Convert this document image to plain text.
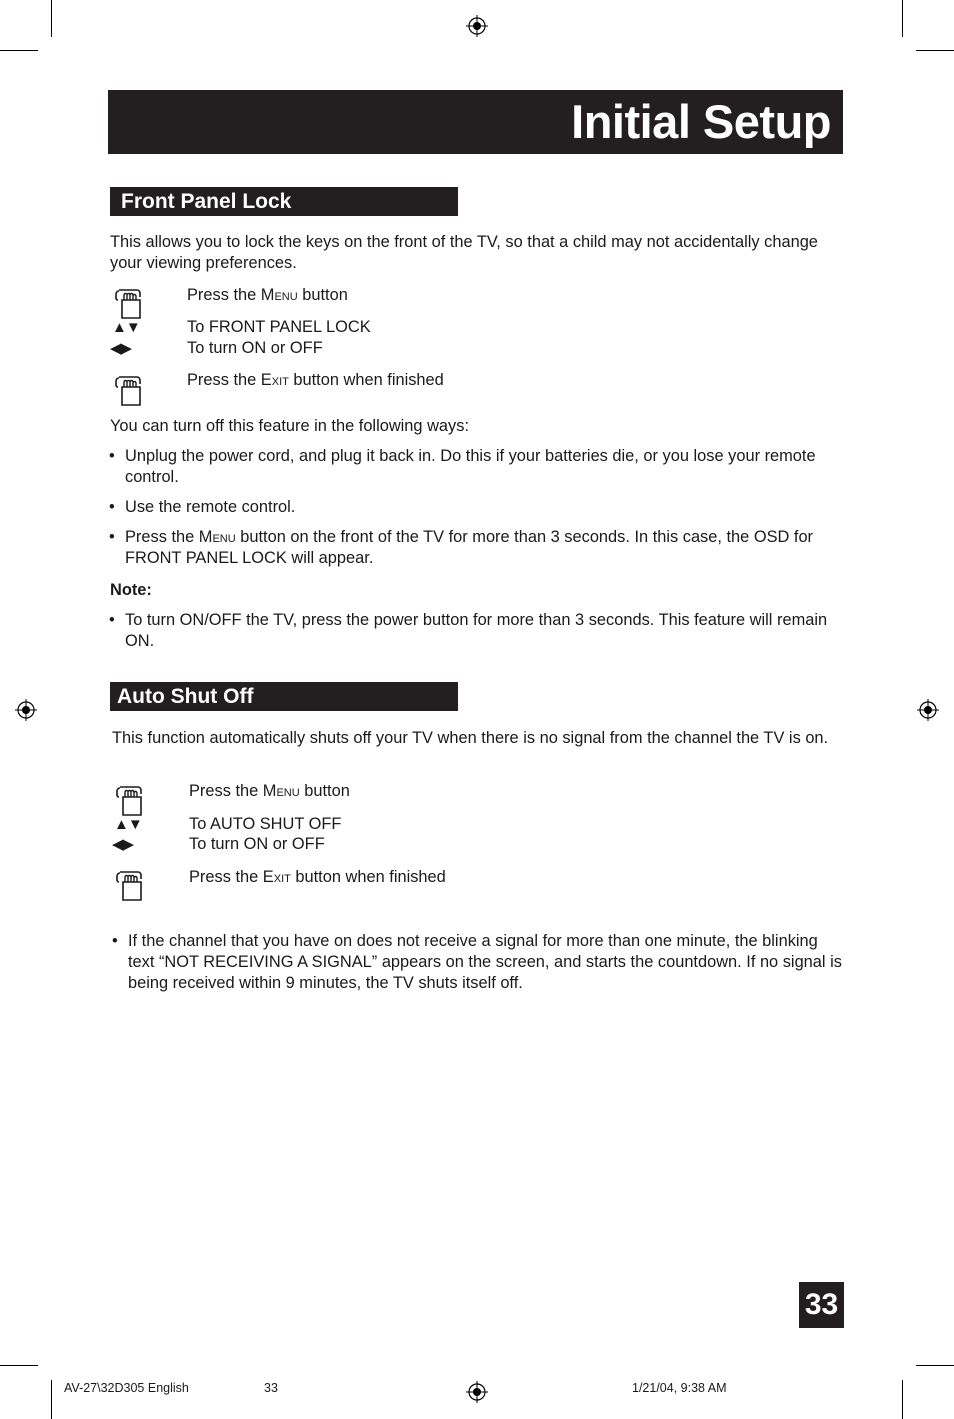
Initial Setup
Front Panel Lock
This allows you to lock the keys on the front of the TV, so that a child may not accidentally change your viewing preferences.
Press the Menu button
▲▼	To FRONT PANEL LOCK
◀▶	To turn ON or OFF
Press the Exit button when finished
You can turn off this feature in the following ways:
• Unplug the power cord, and plug it back in. Do this if your batteries die, or you lose your remote control.
• Use the remote control.
• Press the Menu button on the front of the TV for more than 3 seconds. In this case, the OSD for FRONT PANEL LOCK will appear.
Note:
• To turn ON/OFF the TV, press the power button for more than 3 seconds. This feature will remain ON.
Auto Shut Off
This function automatically shuts off your TV when there is no signal from the channel the TV is on.
Press the Menu button
▲▼	To AUTO SHUT OFF
◀▶	To turn ON or OFF
Press the Exit button when finished
• If the channel that you have on does not receive a signal for more than one minute, the blinking text “NOT RECEIVING A SIGNAL” appears on the screen, and starts the countdown. If no signal is being received within 9 minutes, the TV shuts itself off.
33
AV-27\32D305 English	33	1/21/04, 9:38 AM
